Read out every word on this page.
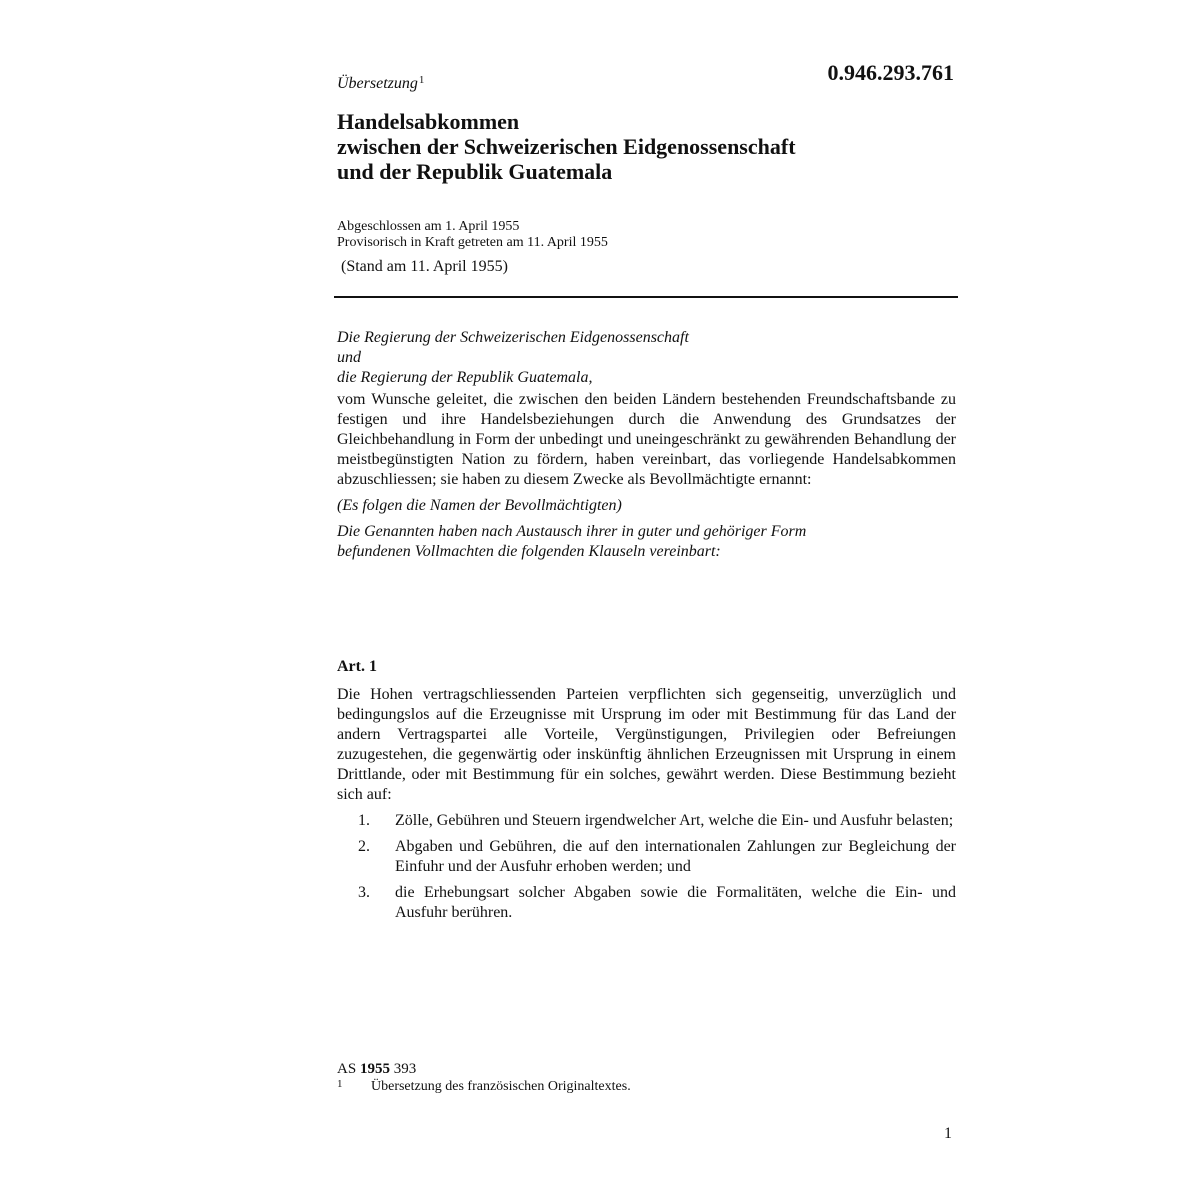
Übersetzung$^1$	0.946.293.761
Handelsabkommen
zwischen der Schweizerischen Eidgenossenschaft
und der Republik Guatemala
Abgeschlossen am 1. April 1955
Provisorisch in Kraft getreten am 11. April 1955
(Stand am 11. April 1955)
Die Regierung der Schweizerischen Eidgenossenschaft
und
die Regierung der Republik Guatemala,

vom Wunsche geleitet, die zwischen den beiden Ländern bestehenden Freundschaftsbande zu festigen und ihre Handelsbeziehungen durch die Anwendung des Grundsatzes der Gleichbehandlung in Form der unbedingt und uneingeschränkt zu gewährenden Behandlung der meistbegünstigten Nation zu fördern, haben vereinbart, das vorliegende Handelsabkommen abzuschliessen; sie haben zu diesem Zwecke als Bevollmächtigte ernannt:

(Es folgen die Namen der Bevollmächtigten)

Die Genannten haben nach Austausch ihrer in guter und gehöriger Form
befundenen Vollmachten die folgenden Klauseln vereinbart:
Art. 1

Die Hohen vertragschliessenden Parteien verpflichten sich gegenseitig, unverzüglich und bedingungslos auf die Erzeugnisse mit Ursprung im oder mit Bestimmung für das Land der andern Vertragspartei alle Vorteile, Vergünstigungen, Privilegien oder Befreiungen zuzugestehen, die gegenwärtig oder inskünftig ähnlichen Erzeugnissen mit Ursprung in einem Drittlande, oder mit Bestimmung für ein solches, gewährt werden. Diese Bestimmung bezieht sich auf:

1. Zölle, Gebühren und Steuern irgendwelcher Art, welche die Ein- und Ausfuhr belasten;
2. Abgaben und Gebühren, die auf den internationalen Zahlungen zur Begleichung der Einfuhr und der Ausfuhr erhoben werden; und
3. die Erhebungsart solcher Abgaben sowie die Formalitäten, welche die Ein- und Ausfuhr berühren.
AS 1955 393
1 Übersetzung des französischen Originaltextes.
1
